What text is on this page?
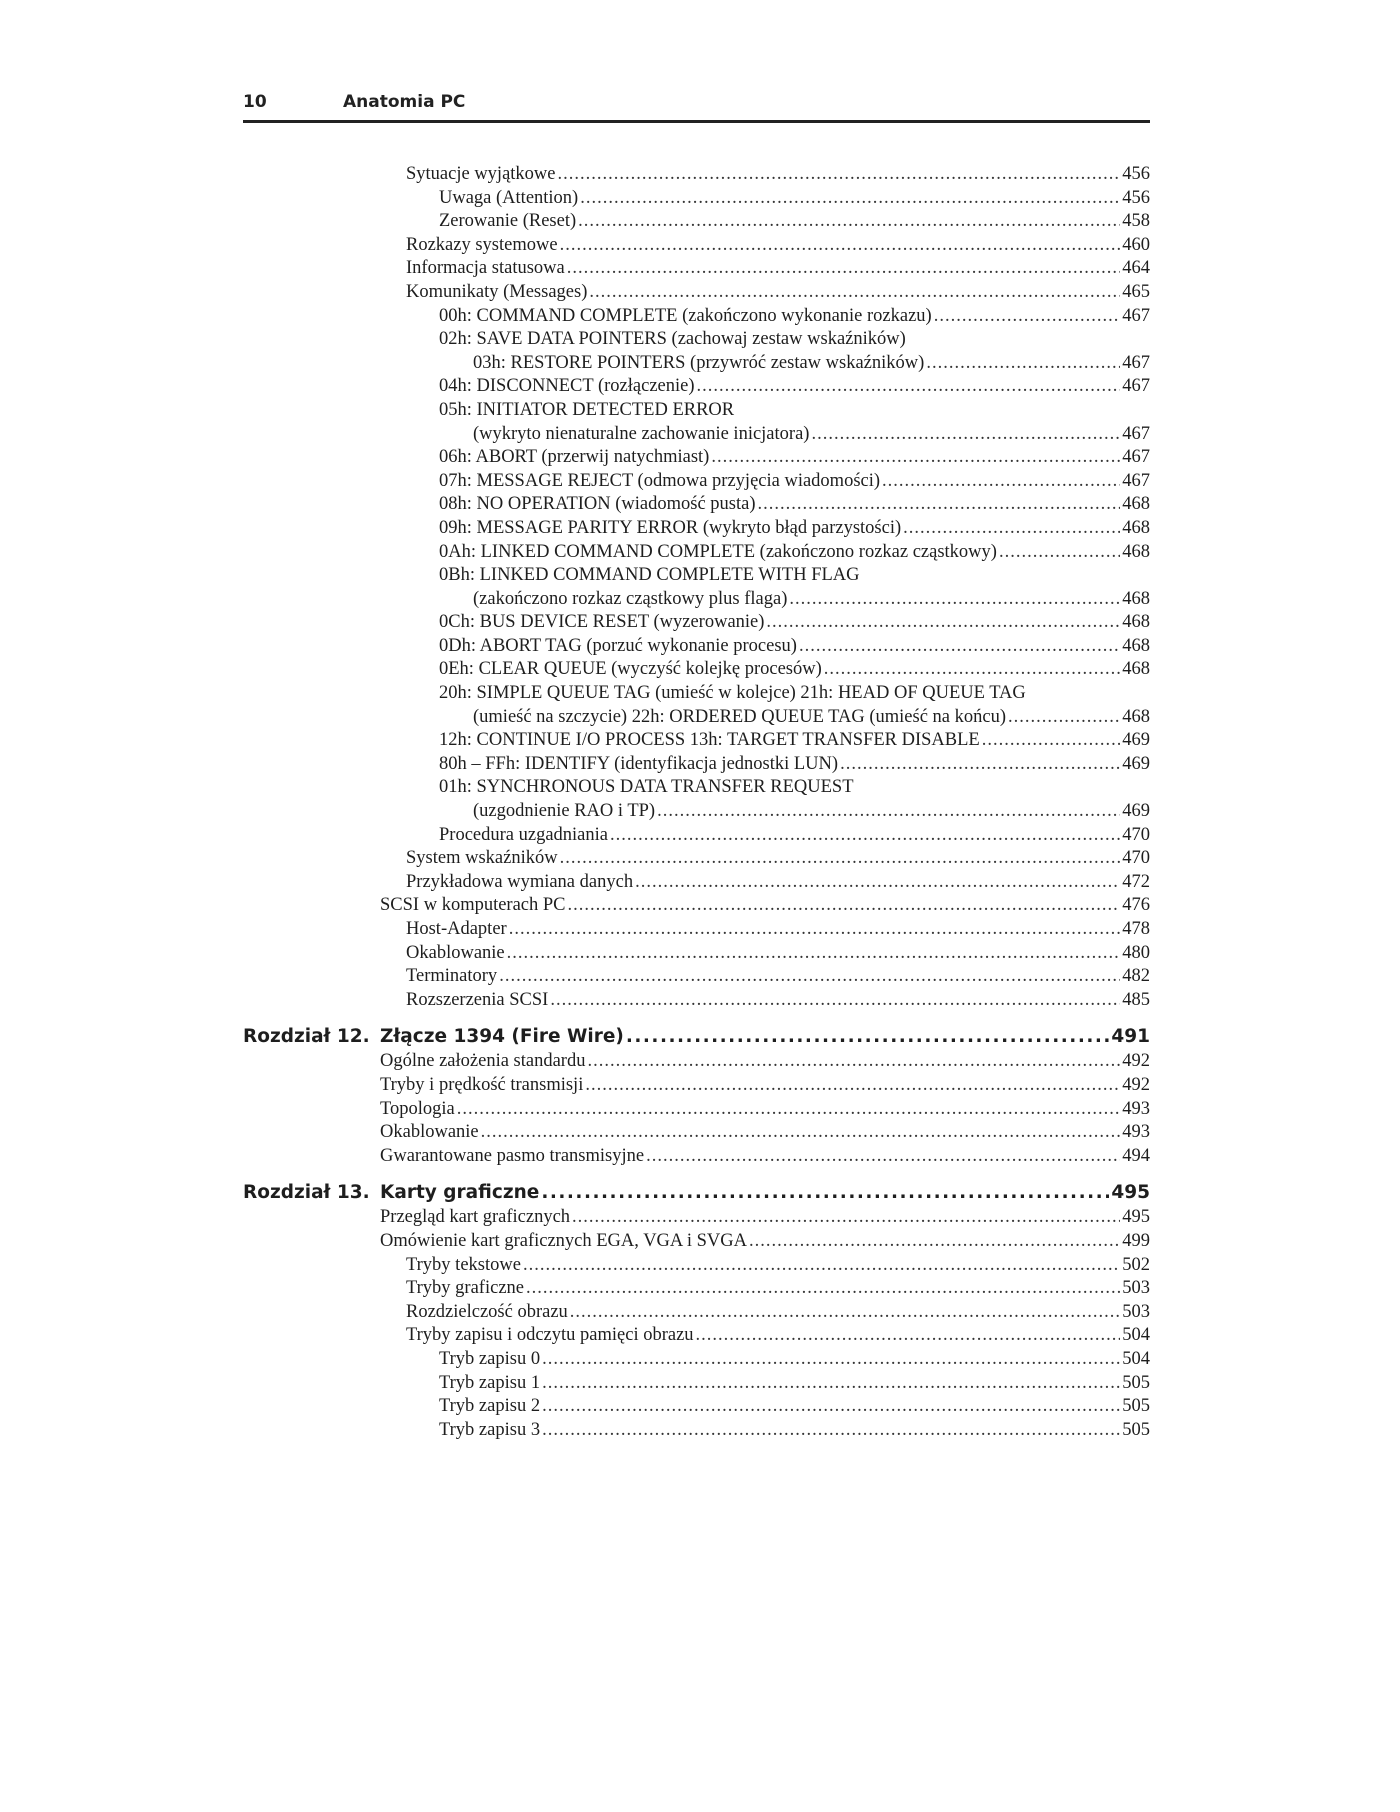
10	Anatomia PC
Sytuacje wyjątkowe .....	456
Uwaga (Attention) .....	456
Zerowanie (Reset) .....	458
Rozkazy systemowe .....	460
Informacja statusowa .....	464
Komunikaty (Messages) .....	465
00h: COMMAND COMPLETE (zakończono wykonanie rozkazu) .....	467
02h: SAVE DATA POINTERS (zachowaj zestaw wskaźników)
03h: RESTORE POINTERS (przywróć zestaw wskaźników) .....	467
04h: DISCONNECT (rozłączenie) .....	467
05h: INITIATOR DETECTED ERROR
(wykryto nienaturalne zachowanie inicjatora) .....	467
06h: ABORT (przerwij natychmiast) .....	467
07h: MESSAGE REJECT (odmowa przyjęcia wiadomości) .....	467
08h: NO OPERATION (wiadomość pusta) .....	468
09h: MESSAGE PARITY ERROR (wykryto błąd parzystości) .....	468
0Ah: LINKED COMMAND COMPLETE (zakończono rozkaz cząstkowy) .....	468
0Bh: LINKED COMMAND COMPLETE WITH FLAG
(zakończono rozkaz cząstkowy plus flaga) .....	468
0Ch: BUS DEVICE RESET (wyzerowanie) .....	468
0Dh: ABORT TAG (porzuć wykonanie procesu) .....	468
0Eh: CLEAR QUEUE (wyczyść kolejkę procesów) .....	468
20h: SIMPLE QUEUE TAG (umieść w kolejce) 21h: HEAD OF QUEUE TAG
(umieść na szczycie) 22h: ORDERED QUEUE TAG (umieść na końcu) .....	468
12h: CONTINUE I/O PROCESS 13h: TARGET TRANSFER DISABLE .....	469
80h – FFh: IDENTIFY (identyfikacja jednostki LUN) .....	469
01h: SYNCHRONOUS DATA TRANSFER REQUEST
(uzgodnienie RAO i TP) .....	469
Procedura uzgadniania .....	470
System wskaźników .....	470
Przykładowa wymiana danych .....	472
SCSI w komputerach PC .....	476
Host-Adapter .....	478
Okablowanie .....	480
Terminatory .....	482
Rozszerzenia SCSI .....	485
Rozdział 12. Złącze 1394 (Fire Wire) .....	491
Ogólne założenia standardu .....	492
Tryby i prędkość transmisji .....	492
Topologia .....	493
Okablowanie .....	493
Gwarantowane pasmo transmisyjne .....	494
Rozdział 13. Karty graficzne .....	495
Przegląd kart graficznych .....	495
Omówienie kart graficznych EGA, VGA i SVGA .....	499
Tryby tekstowe .....	502
Tryby graficzne .....	503
Rozdzielczość obrazu .....	503
Tryby zapisu i odczytu pamięci obrazu .....	504
Tryb zapisu 0 .....	504
Tryb zapisu 1 .....	505
Tryb zapisu 2 .....	505
Tryb zapisu 3 .....	505
